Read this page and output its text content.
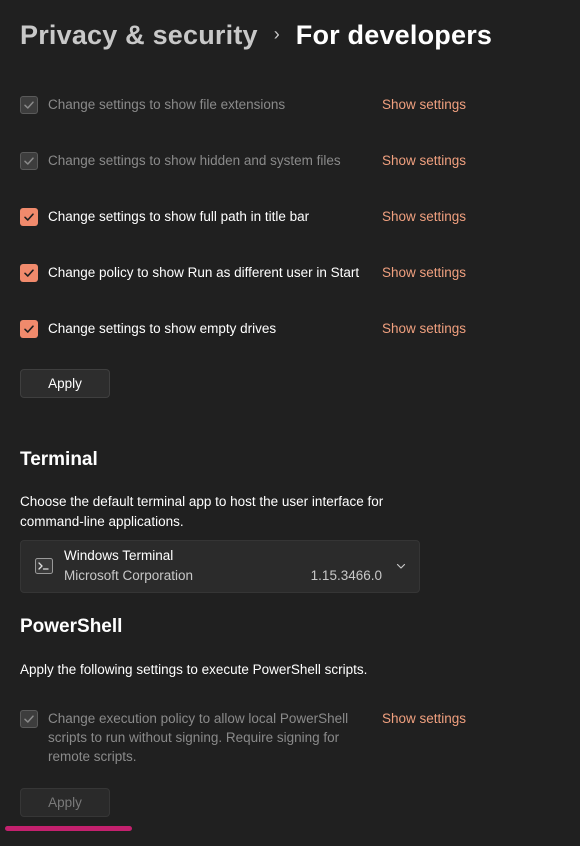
Privacy & security › For developers
Change settings to show file extensions	Show settings
Change settings to show hidden and system files	Show settings
Change settings to show full path in title bar	Show settings
Change policy to show Run as different user in Start Show settings
Change settings to show empty drives	Show settings
Apply
Terminal
Choose the default terminal app to host the user interface for command-line applications.
Windows Terminal
Microsoft Corporation	1.15.3466.0
PowerShell
Apply the following settings to execute PowerShell scripts.
Change execution policy to allow local PowerShell scripts to run without signing. Require signing for remote scripts.
Show settings
Apply
